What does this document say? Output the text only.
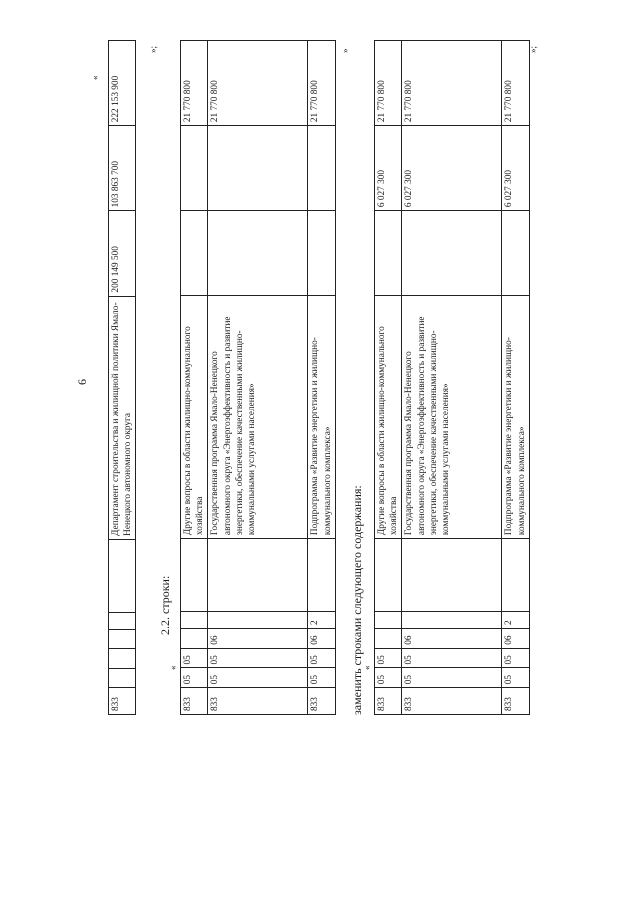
6
«
833						Департамент строительства и жилищной политики Ямало-Ненецкого автономного округа	200 149 500	103 863 700	222 153 900
»;
2.2. строки:
«
833	05	05				Другие вопросы в области жилищно-коммунального хозяйства			21 770 800
833	05	05	06			Государственная программа Ямало-Ненецкого автономного округа «Энергоэффективность и развитие энергетики, обеспечение качественными жилищно-коммунальными услугами населения»			21 770 800
833	05	05	06	2		Подпрограмма «Развитие энергетики и жилищно-коммунального комплекса»			21 770 800
»
заменить строками следующего содержания:
«
833	05	05				Другие вопросы в области жилищно-коммунального хозяйства		6 027 300	21 770 800
833	05	05	06			Государственная программа Ямало-Ненецкого автономного округа «Энергоэффективность и развитие энергетики, обеспечение качественными жилищно-коммунальными услугами населения»		6 027 300	21 770 800
833	05	05	06	2		Подпрограмма «Развитие энергетики и жилищно-коммунального комплекса»		6 027 300	21 770 800
»;
